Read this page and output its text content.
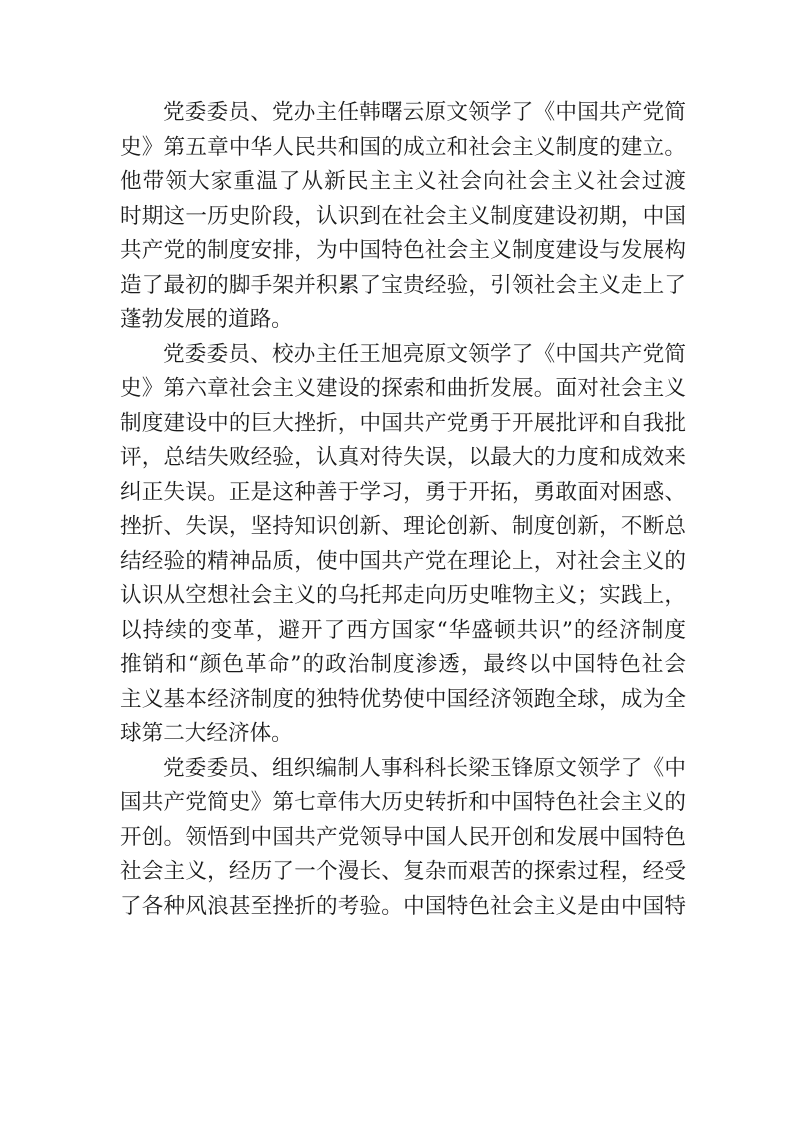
党委委员、党办主任韩曙云原文领学了《中国共产党简
史》第五章中华人民共和国的成立和社会主义制度的建立。
他带领大家重温了从新民主主义社会向社会主义社会过渡
时期这一历史阶段，认识到在社会主义制度建设初期，中国
共产党的制度安排，为中国特色社会主义制度建设与发展构
造了最初的脚手架并积累了宝贵经验，引领社会主义走上了
蓬勃发展的道路。
党委委员、校办主任王旭亮原文领学了《中国共产党简
史》第六章社会主义建设的探索和曲折发展。面对社会主义
制度建设中的巨大挫折，中国共产党勇于开展批评和自我批
评，总结失败经验，认真对待失误，以最大的力度和成效来
纠正失误。正是这种善于学习，勇于开拓，勇敢面对困惑、
挫折、失误，坚持知识创新、理论创新、制度创新，不断总
结经验的精神品质，使中国共产党在理论上，对社会主义的
认识从空想社会主义的乌托邦走向历史唯物主义；实践上，
以持续的变革，避开了西方国家“华盛顿共识”的经济制度
推销和“颜色革命”的政治制度渗透，最终以中国特色社会
主义基本经济制度的独特优势使中国经济领跑全球，成为全
球第二大经济体。
党委委员、组织编制人事科科长梁玉锋原文领学了《中
国共产党简史》第七章伟大历史转折和中国特色社会主义的
开创。领悟到中国共产党领导中国人民开创和发展中国特色
社会主义，经历了一个漫长、复杂而艰苦的探索过程，经受
了各种风浪甚至挫折的考验。中国特色社会主义是由中国特
